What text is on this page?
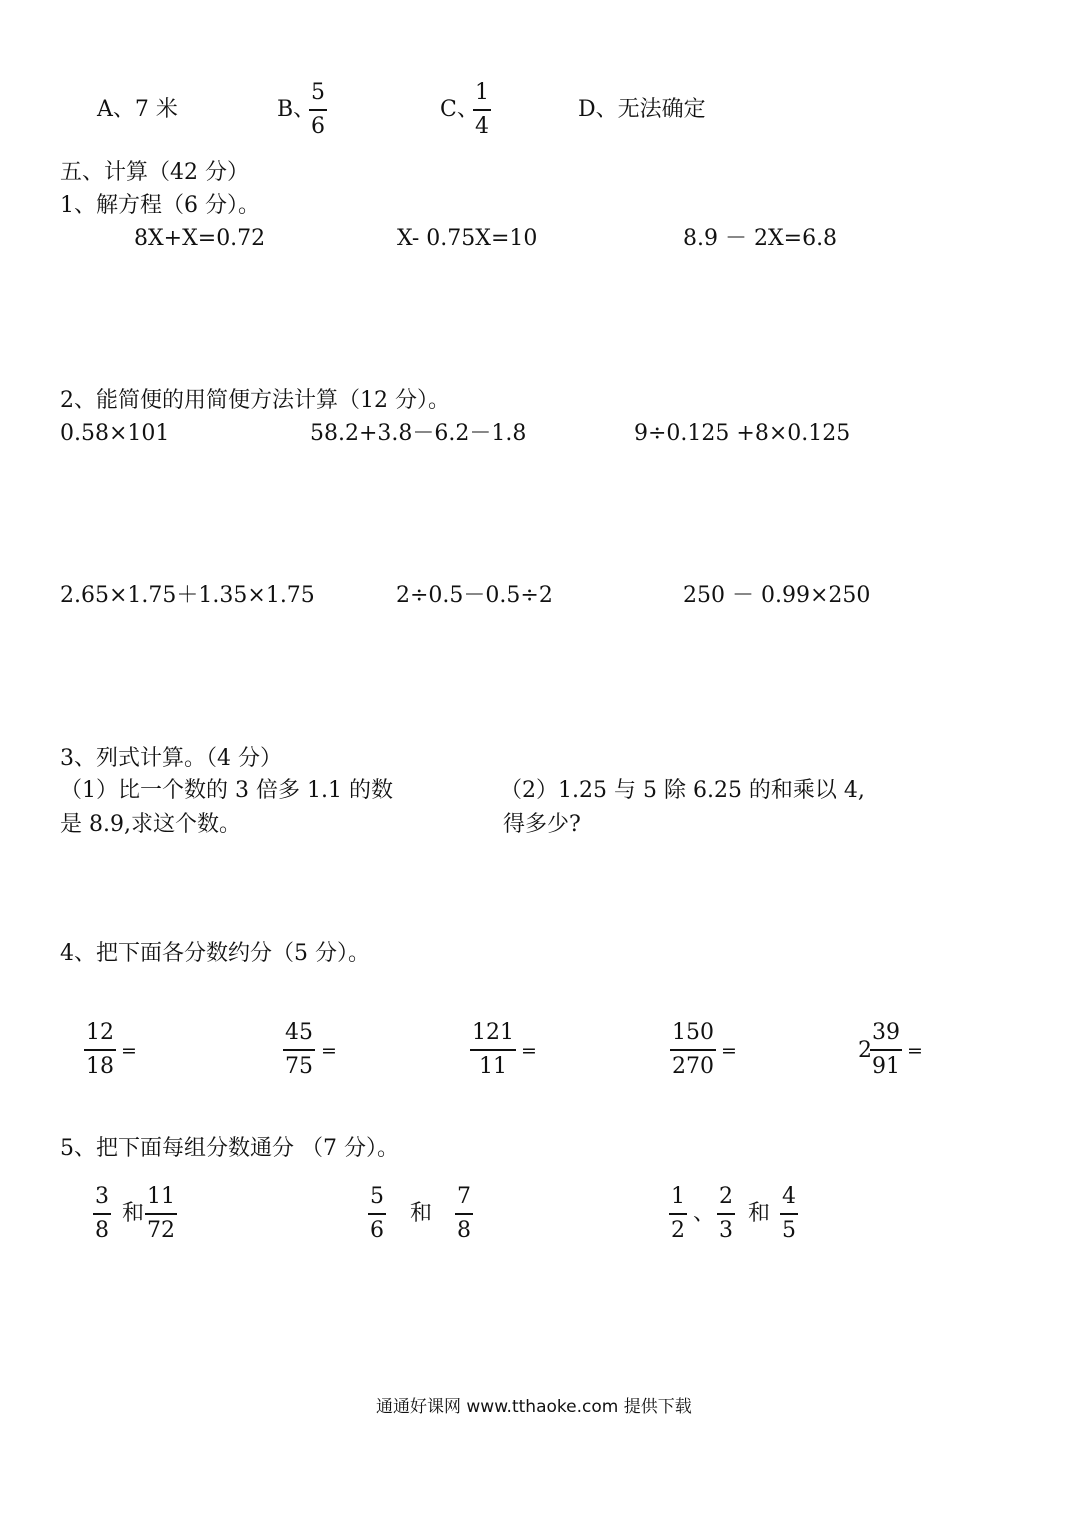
A、7 米	B、
5
6
C、
1
4
D、无法确定
五、计算（42 分）
1、解方程（6 分）。
8X+X=0.72	X- 0.75X=10	8.9 － 2X=6.8
2、能简便的用简便方法计算（12 分）。
0.58×101	58.2+3.8－6.2－1.8	9÷0.125 +8×0.125
2.65×1.75＋1.35×1.75	2÷0.5－0.5÷2	250 － 0.99×250
3、列式计算。（4 分）
（1）比一个数的 3 倍多 1.1 的数
是 8.9,求这个数。
（2）1.25 与 5 除 6.25 的和乘以 4,
得多少?
4、把下面各分数约分（5 分）。
12
18
=
45
75
=
121
11
=
150
270
=	2
39
91
=
5、把下面每组分数通分 （7 分）。
3
8
和
11
72
5
6
和
7
8
1
2
、
2
3
和
4
5
通通好课网 www.tthaoke.com 提供下载
